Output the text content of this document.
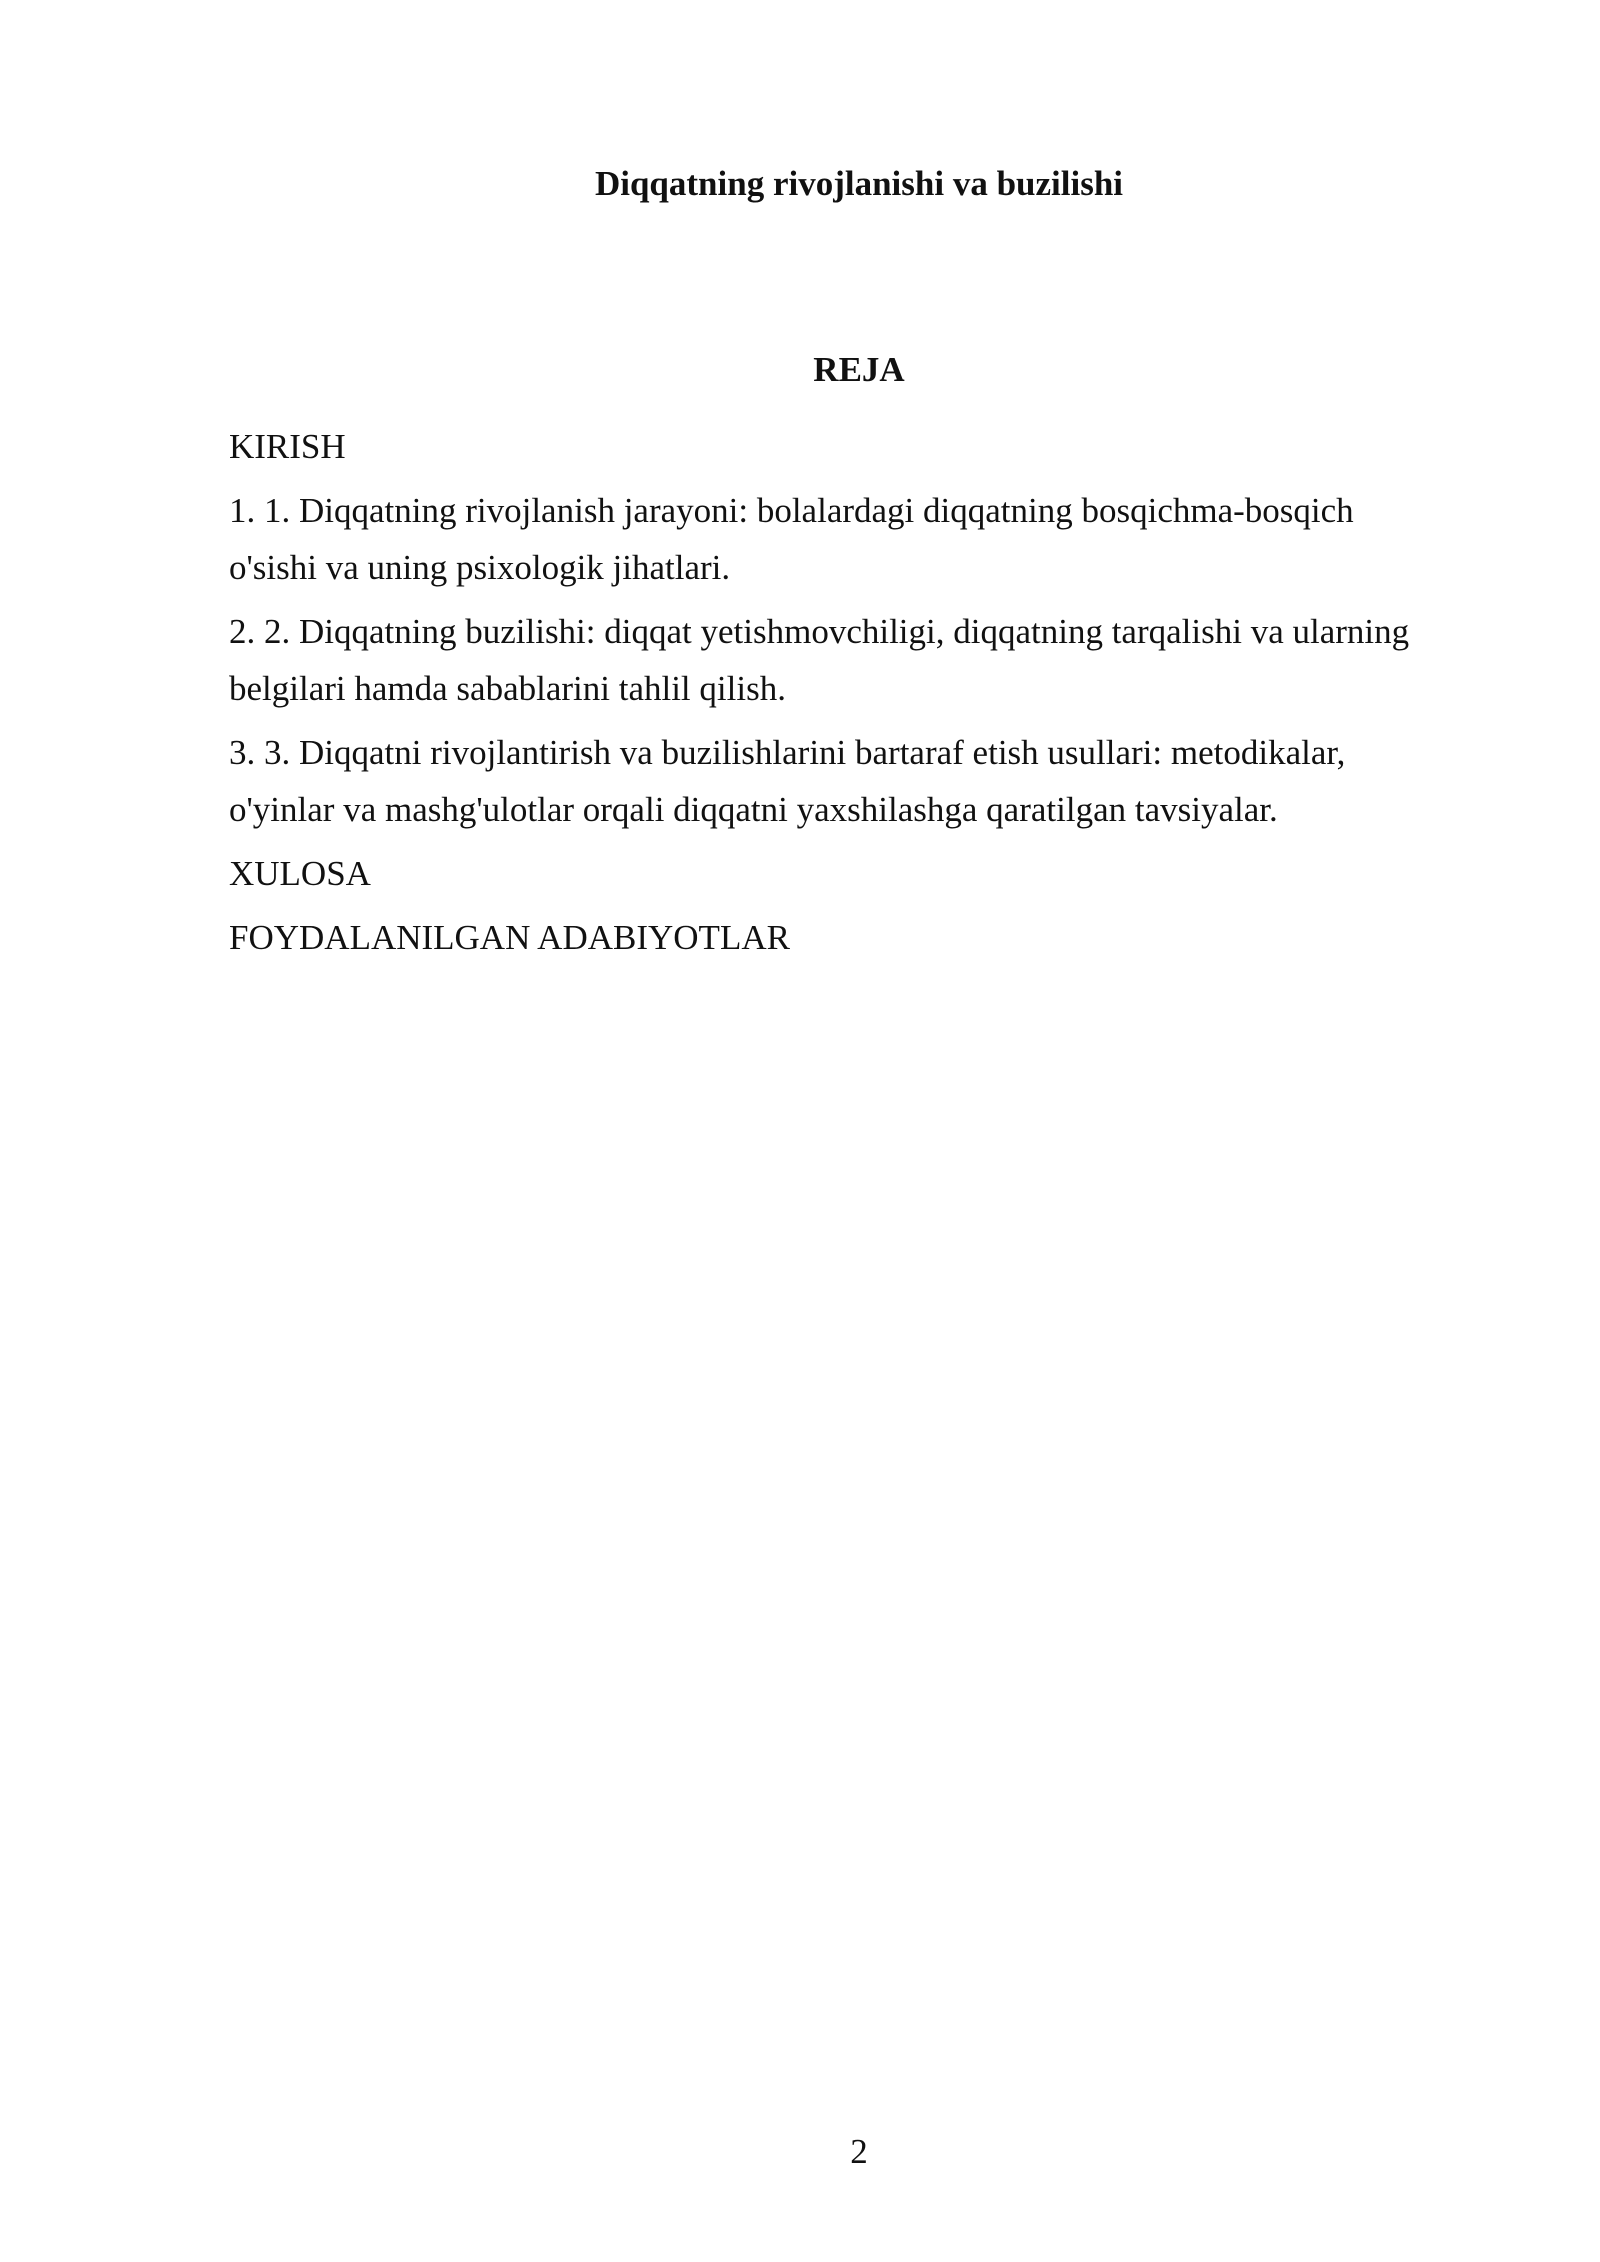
Diqqatning rivojlanishi va buzilishi
REJA

KIRISH

1. 1. Diqqatning rivojlanish jarayoni: bolalardagi diqqatning bosqichma-bosqich o'sishi va uning psixologik jihatlari.

2. 2. Diqqatning buzilishi: diqqat yetishmovchiligi, diqqatning tarqalishi va ularning belgilari hamda sabablarini tahlil qilish.

3. 3. Diqqatni rivojlantirish va buzilishlarini bartaraf etish usullari: metodikalar, o'yinlar va mashg'ulotlar orqali diqqatni yaxshilashga qaratilgan tavsiyalar.

XULOSA

FOYDALANILGAN ADABIYOTLAR

2
